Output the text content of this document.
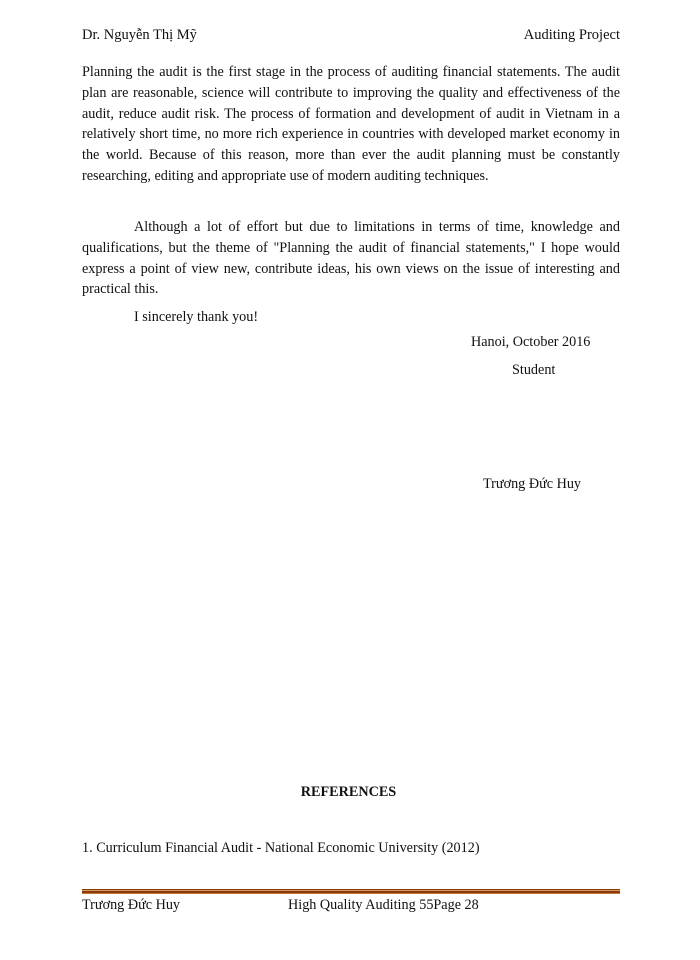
Dr. Nguyễn Thị Mỹ	Auditing Project
Planning the audit is the first stage in the process of auditing financial statements. The audit plan are reasonable, science will contribute to improving the quality and effectiveness of the audit, reduce audit risk. The process of formation and development of audit in Vietnam in a relatively short time, no more rich experience in countries with developed market economy in the world. Because of this reason, more than ever the audit planning must be constantly researching, editing and appropriate use of modern auditing techniques.
Although a lot of effort but due to limitations in terms of time, knowledge and qualifications, but the theme of "Planning the audit of financial statements," I hope would express a point of view new, contribute ideas, his own views on the issue of interesting and practical this.
I sincerely thank you!
Hanoi, October 2016
Student
Trương Đức Huy
REFERENCES
1. Curriculum Financial Audit - National Economic University (2012)
Trương Đức Huy	High Quality Auditing 55Page 28
